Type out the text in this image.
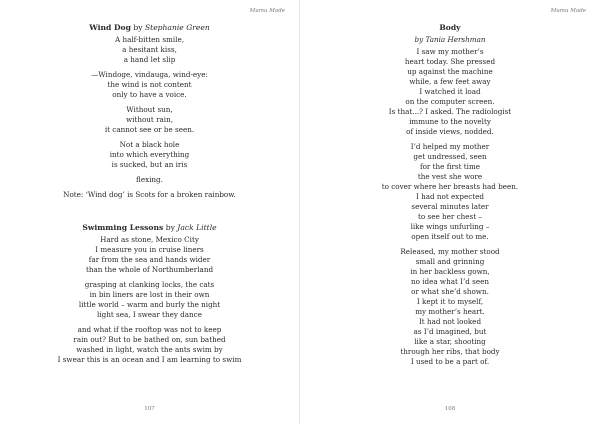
Mumu Made
Wind Dog by Stephanie Green
A half-bitten smile,
a hesitant kiss,
a hand let slip
—Windoge, vindauga, wind-eye:
the wind is not content
only to have a voice.
Without sun,
without rain,
it cannot see or be seen.
Not a black hole
into which everything
is sucked, but an iris
flexing.
Note: ‘Wind dog’ is Scots for a broken rainbow.
Swimming Lessons by Jack Little
Hard as stone, Mexico City
I measure you in cruise liners
far from the sea and hands wider
than the whole of Northumberland
grasping at clanking locks, the cats
in bin liners are lost in their own
little world – warm and burly the night
light sea, I swear they dance
and what if the rooftop was not to keep
rain out? But to be bathed on, sun bathed
washed in light, watch the ants swim by
I swear this is an ocean and I am learning to swim
107
Mumu Made
Body
by Tania Hershman
I saw my mother’s
heart today. She pressed
up against the machine
while, a few feet away
I watched it load
on the computer screen.
Is that...? I asked. The radiologist
immune to the novelty
of inside views, nodded.
I’d helped my mother
get undressed, seen
for the first time
the vest she wore
to cover where her breasts had been.
I had not expected
several minutes later
to see her chest –
like wings unfurling –
open itself out to me.
Released, my mother stood
small and grinning
in her backless gown,
no idea what I’d seen
or what she’d shown.
I kept it to myself,
my mother’s heart.
It had not looked
as I’d imagined, but
like a star, shooting
through her ribs, that body
I used to be a part of.
108
